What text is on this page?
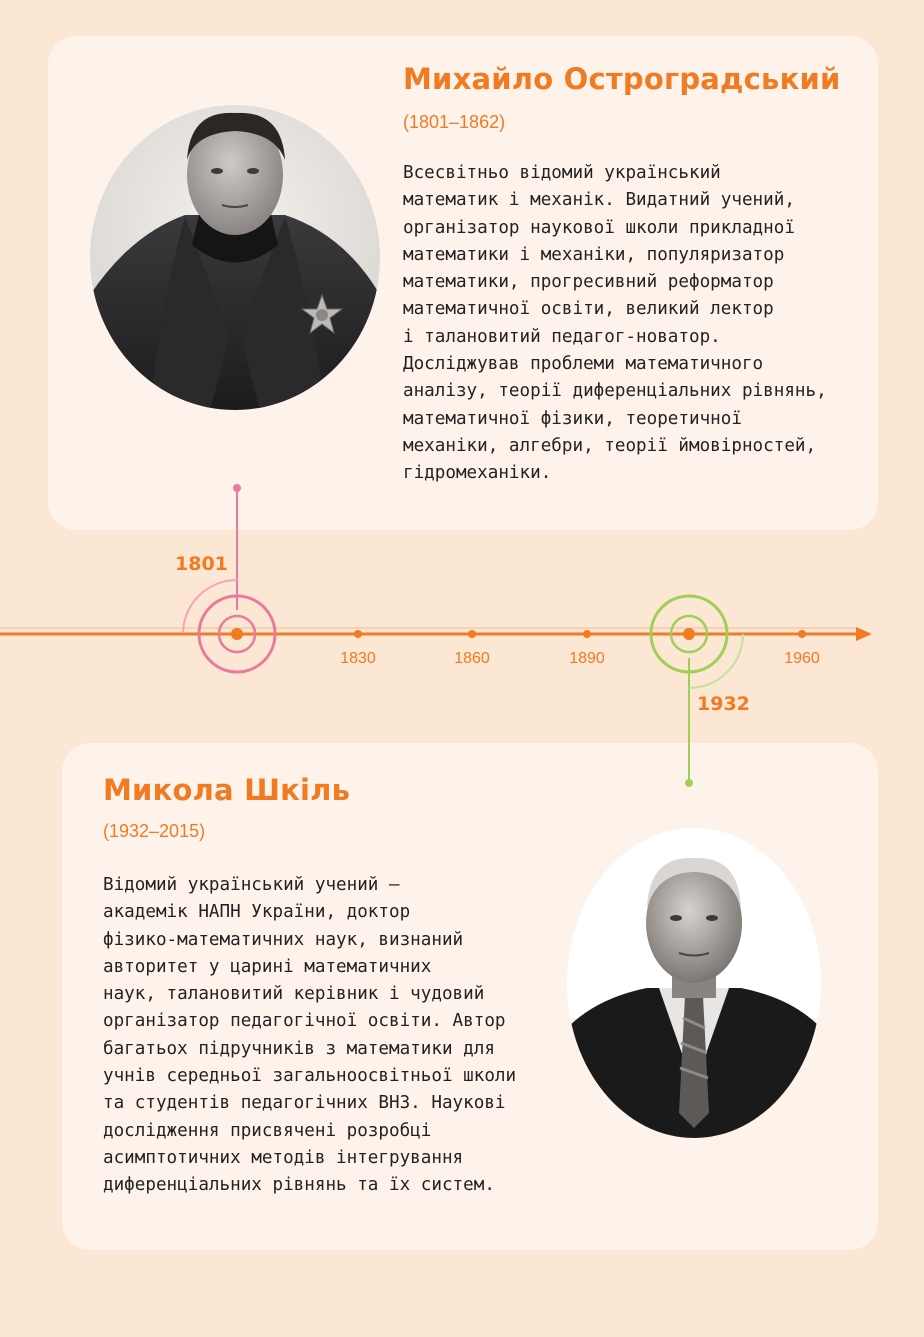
Михайло Остроградський
(1801–1862)
Всесвітньо відомий український
математик і механік. Видатний учений,
організатор наукової школи прикладної
математики і механіки, популяризатор
математики, прогресивний реформатор
математичної освіти, великий лектор
і талановитий педагог-новатор.
Досліджував проблеми математичного
аналізу, теорії диференціальних рівнянь,
математичної фізики, теоретичної
механіки, алгебри, теорії ймовірностей,
гідромеханіки.
Микола Шкіль
(1932–2015)
Відомий український учений —
академік НАПН України, доктор
фізико-математичних наук, визнаний
авторитет у царині математичних
наук, талановитий керівник і чудовий
організатор педагогічної освіти. Автор
багатьох підручників з математики для
учнів середньої загальноосвітньої школи
та студентів педагогічних ВНЗ. Наукові
дослідження присвячені розробці
асимптотичних методів інтегрування
диференціальних рівнянь та їх систем.
1830	1860	1890	1960
1801
1932
